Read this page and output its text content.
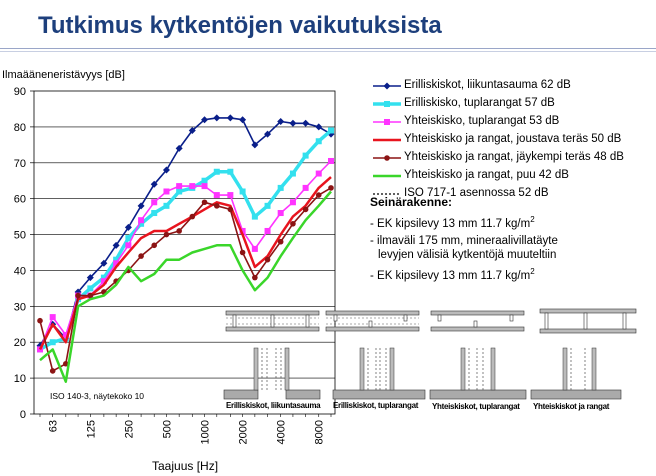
Tutkimus kytkentöjen vaikutuksista
0
10
20
30
40
50
60
70
80
90
63 125 250 500 1000 2000 4000 8000
Ilmaääneneristävyys [dB]
Taajuus [Hz]
Erilliskiskot, liikuntasauma Erilliskiskot, tuplarangat Yhteiskiskot, tuplarangat Yhteiskiskot ja rangat
ISO 140-3, näytekoko 10
Erilliskiskot, liikuntasauma 62 dB
Erilliskisko, tuplarangat 57 dB
Yhteiskisko, tuplarangat 53 dB
Yhteiskisko ja rangat, joustava teräs 50 dB
Yhteiskisko ja rangat, jäykempi teräs 48 dB
Yhteiskisko ja rangat, puu 42 dB
ISO 717-1 asennossa 52 dB
Seinärakenne:
- EK kipsilevy 13 mm 11.7 $kg/m^2$
- ilmaväli 175 mm, mineraalivillatäyte
levyjen välisiä kytkentöjä muuteltiin
- EK kipsilevy 13 mm 11.7 $kg/m^2$
